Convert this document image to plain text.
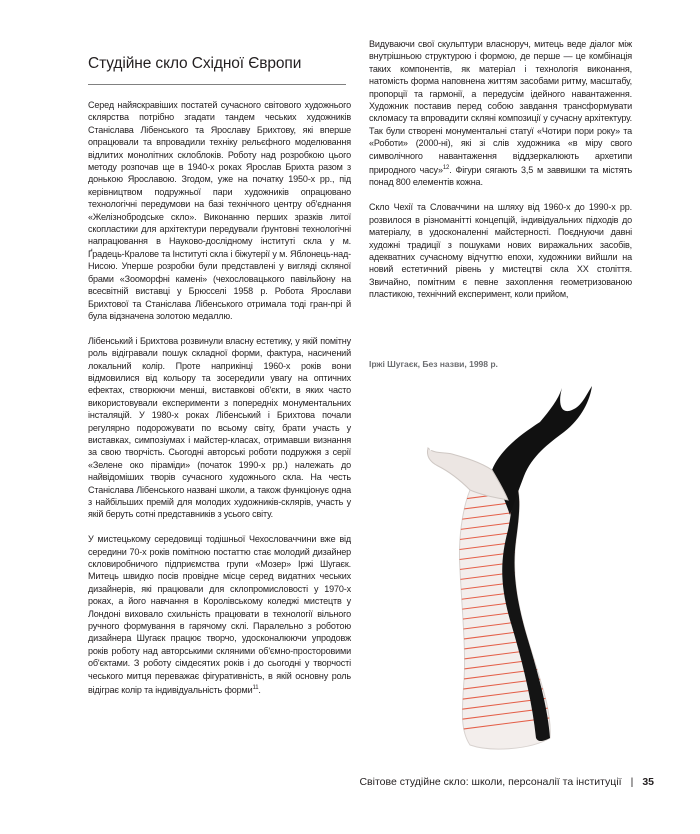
Студійне скло Східної Європи

Серед найяскравіших постатей сучасного світового художнього склярства потрібно згадати тандем чеських художників Станіслава Лібенського та Ярославу Брихтову, які вперше опрацювали та впровадили техніку рельєфного моделювання відлитих монолітних склоблоків. Роботу над розробкою цього методу розпочав ще в 1940-х роках Ярослав Брихта разом з донькою Ярославою. Згодом, уже на початку 1950-х рр., під керівництвом подружньої пари художників опрацювано технологічні передумови на базі технічного центру об'єднання «Желізнобродське скло». Виконанню перших зразків литої скопластики для архітектури передували ґрунтовні технологічні напрацювання в Науково-дослідному інституті скла у м. Ґрадець-Кралове та Інституті скла і біжутерії у м. Яблонець-над-Нисою. Упершe розробки були представлені у вигляді скляної брами «Зооморфні камені» (чехословацького павільйону на всесвітній виставці у Брюсселі 1958 р. Робота Ярослави Брихтової та Станіслава Лібенського отримала тоді гран-прі й була відзначена золотою медаллю.

Лібенський і Брихтова розвинули власну естетику, у якій помітну роль відігравали пошук складної форми, фактура, насичений локальний колір. Проте наприкінці 1960-х років вони відмовилися від кольору та зосередили увагу на оптичних ефектах, створюючи менші, виставкові об'єкти, в яких часто використовували експерименти з попередніх монументальних інсталяцій. У 1980-х роках Лібенський і Брихтова почали регулярно подорожувати по всьому світу, брати участь у виставках, симпозіумах і майстер-класах, отримавши визнання за свою творчість. Сьогодні авторські роботи подружжя з серії «Зелене око піраміди» (початок 1990-х рр.) належать до найвідоміших творів сучасного художнього скла. На честь Станіслава Лібенського названі школи, а також функціонує одна з найбільших премій для молодих художників-склярів, участь у якій беруть сотні представників з усього світу.

У мистецькому середовищі тодішньої Чехословаччини вже від середини 70-х років помітною постаттю стає молодий дизайнер скловиробничого підприємства групи «Мозер» Іржі Шугаєк. Митець швидко посів провідне місце серед видатних чеських дизайнерів, які працювали для склопромисловості у 1970-х роках, а його навчання в Королівському коледжі мистецтв у Лондоні виховало схильність працювати в технології вільного ручного формування в гарячому склі. Паралельно з роботою дизайнера Шугаєк працює творчо, удосконалюючи упродовж років роботу над авторськими скляними об'ємно-просторовими об'єктами. З роботу сімдесятих років і до сьогодні у творчості чеського митця переважає фігуративність, в якій основну роль відіграє колір та індивідуальність форми$^{11}$.

Видуваючи свої скульптури власноруч, митець веде діалог між внутрішньою структурою і формою, де перше — це комбінація таких компонентів, як матеріал і технологія виконання, натомість форма наповнена життям засобами ритму, масштабу, пропорції та гармонії, а передусім ідейного навантаження. Художник поставив перед собою завдання трансформувати скломасу та впровадити скляні композиції у сучасну архітектуру. Так були створені монументальні статуї «Чотири пори року» та «Роботи» (2000-ні), які зі слів художника «в міру свого символічного навантаження віддзеркалюють архетипи природного часу»$^{12}$. Фігури сягають 3,5 м заввишки та містять понад 800 елементів кожна.

Скло Чехії та Словаччини на шляху від 1960-х до 1990-х рр. розвилося в різноманітті концепцій, індивідуальних підходів до матеріалу, в удосконаленні майстерності. Поєднуючи давні художні традиції з пошуками нових виражальних засобів, адекватних сучасному відчуттю епохи, художники вийшли на новий естетичний рівень у мистецтві скла XX століття. Звичайно, помітним є певне захоплення геометризованою пластикою, технічний експеримент, коли прийом,

Іржі Шугаєк, Без назви, 1998 р.
Світове студійне скло: школи, персоналії та інституції | 35
